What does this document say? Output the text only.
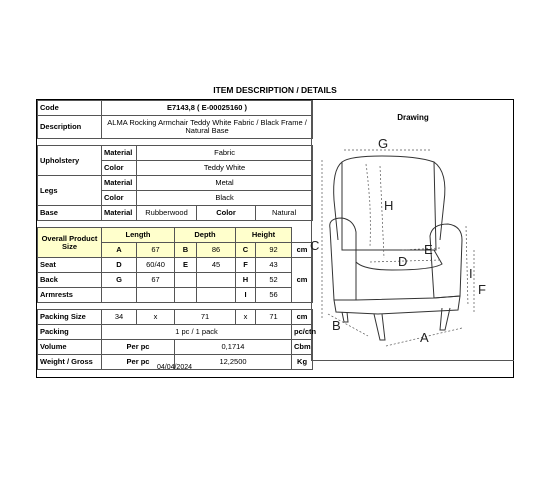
ITEM DESCRIPTION / DETAILS
Code	E7143,8 ( E-00025160 )						
Description	ALMA Rocking Armchair Teddy White Fabric / Black Frame / Natural Base						

Upholstery	Material	Fabric					
	Color	Teddy White					
Legs	Material	Metal					
	Color	Black					
Base	Material	Rubberwood		Color		Natural	

Overall Product Size	Length		Depth		Height		
	A	67	B	86	C	92	cm
Seat	D	60/40	E	45	F	43	cm
Back	G	67			H	52	
Armrests					I	56	

Packing Size	34	x	71		x	71	cm
Packing	1 pc / 1 pack						pc/ctn
Volume	Per pc		0,1714				Cbm
Weight / Gross	Per pc		12,2500				Kg
04/04/2024
Drawing
G
H
C	E
D
I
F
B
A
